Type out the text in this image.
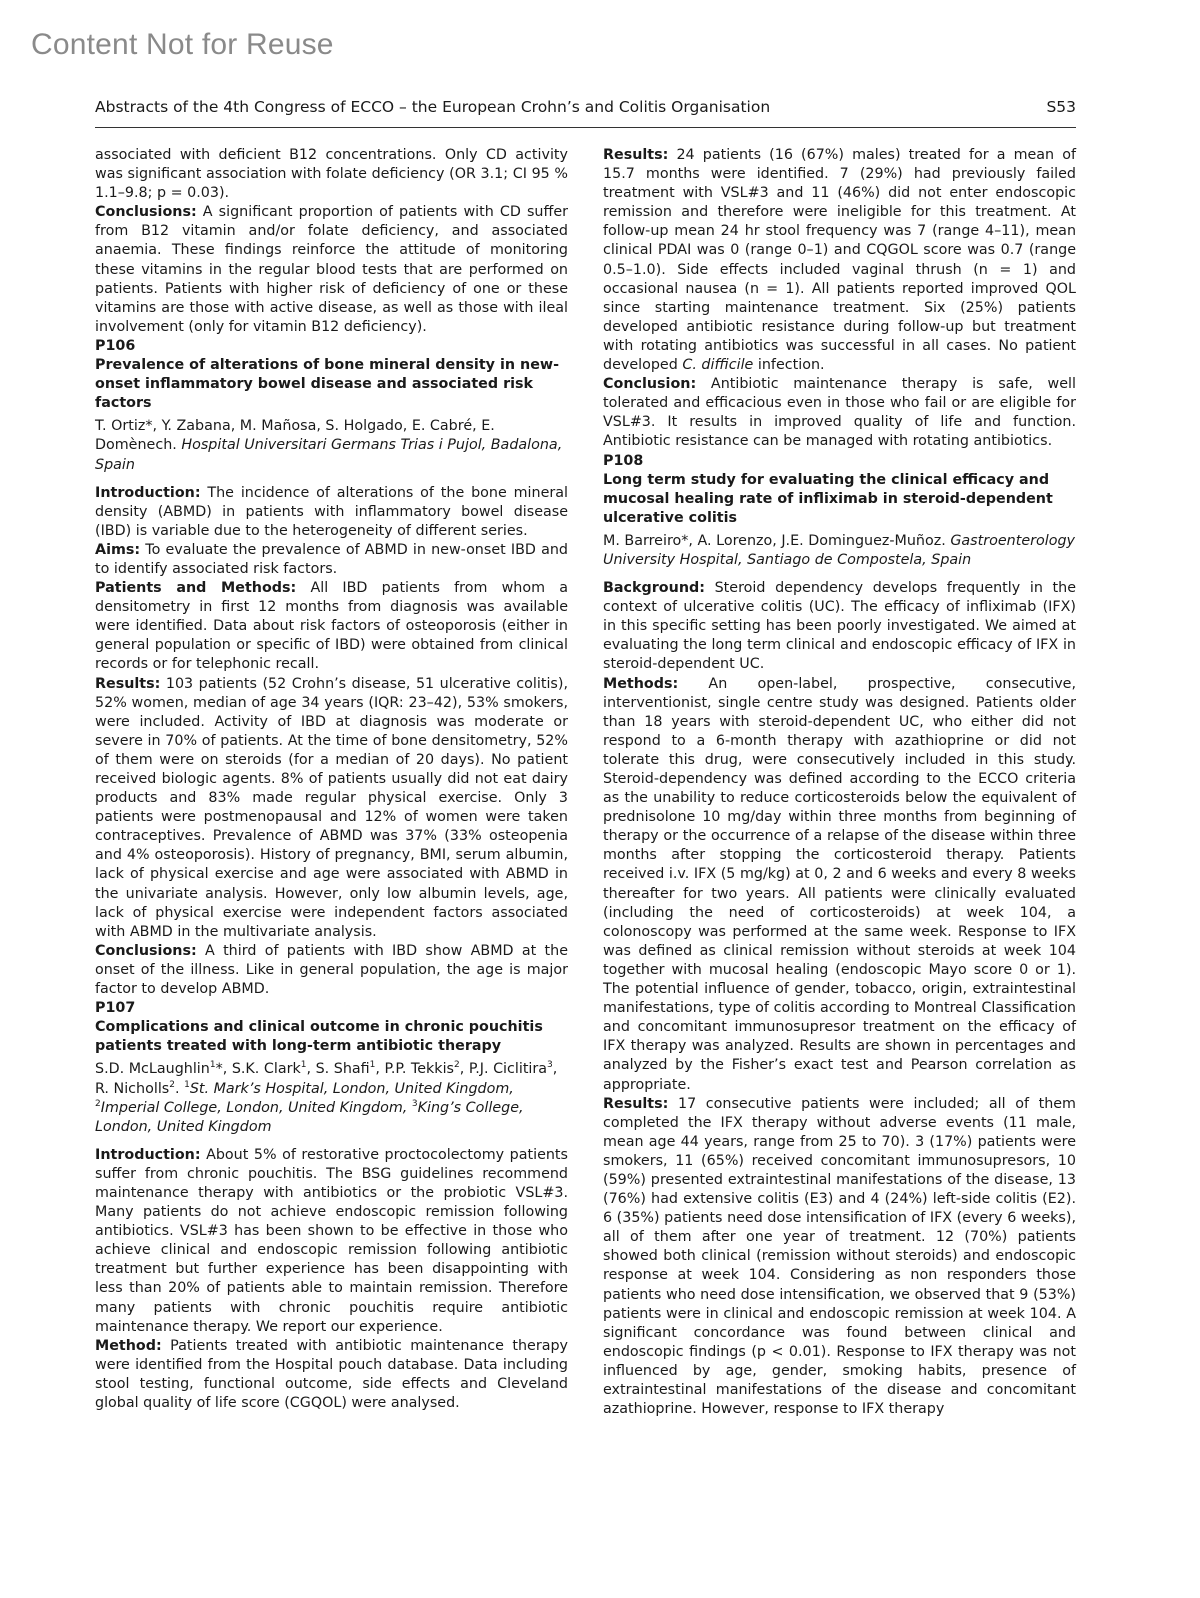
Content Not for Reuse
Abstracts of the 4th Congress of ECCO – the European Crohn’s and Colitis Organisation	S53

associated with deficient B12 concentrations. Only CD activity was significant association with folate deficiency (OR 3.1; CI 95 % 1.1–9.8; p = 0.03).

Conclusions: A significant proportion of patients with CD suffer from B12 vitamin and/or folate deficiency, and associated anaemia. These findings reinforce the attitude of monitoring these vitamins in the regular blood tests that are performed on patients. Patients with higher risk of deficiency of one or these vitamins are those with active disease, as well as those with ileal involvement (only for vitamin B12 deficiency).

P106

Prevalence of alterations of bone mineral density in new-onset inflammatory bowel disease and associated risk factors

T. Ortiz*, Y. Zabana, M. Mañosa, S. Holgado, E. Cabré, E. Domènech. Hospital Universitari Germans Trias i Pujol, Badalona, Spain

Introduction: The incidence of alterations of the bone mineral density (ABMD) in patients with inflammatory bowel disease (IBD) is variable due to the heterogeneity of different series.

Aims: To evaluate the prevalence of ABMD in new-onset IBD and to identify associated risk factors.

Patients and Methods: All IBD patients from whom a densitometry in first 12 months from diagnosis was available were identified. Data about risk factors of osteoporosis (either in general population or specific of IBD) were obtained from clinical records or for telephonic recall.

Results: 103 patients (52 Crohn’s disease, 51 ulcerative colitis), 52% women, median of age 34 years (IQR: 23–42), 53% smokers, were included. Activity of IBD at diagnosis was moderate or severe in 70% of patients. At the time of bone densitometry, 52% of them were on steroids (for a median of 20 days). No patient received biologic agents. 8% of patients usually did not eat dairy products and 83% made regular physical exercise. Only 3 patients were postmenopausal and 12% of women were taken contraceptives. Prevalence of ABMD was 37% (33% osteopenia and 4% osteoporosis). History of pregnancy, BMI, serum albumin, lack of physical exercise and age were associated with ABMD in the univariate analysis. However, only low albumin levels, age, lack of physical exercise were independent factors associated with ABMD in the multivariate analysis.

Conclusions: A third of patients with IBD show ABMD at the onset of the illness. Like in general population, the age is major factor to develop ABMD.

P107

Complications and clinical outcome in chronic pouchitis patients treated with long-term antibiotic therapy

S.D. McLaughlin$^1$*, S.K. Clark$^1$, S. Shafi$^1$, P.P. Tekkis$^2$, P.J. Ciclitira$^3$, R. Nicholls$^2$. $^1$St. Mark’s Hospital, London, United Kingdom, $^2$Imperial College, London, United Kingdom, $^3$King’s College, London, United Kingdom

Introduction: About 5% of restorative proctocolectomy patients suffer from chronic pouchitis. The BSG guidelines recommend maintenance therapy with antibiotics or the probiotic VSL#3. Many patients do not achieve endoscopic remission following antibiotics. VSL#3 has been shown to be effective in those who achieve clinical and endoscopic remission following antibiotic treatment but further experience has been disappointing with less than 20% of patients able to maintain remission. Therefore many patients with chronic pouchitis require antibiotic maintenance therapy. We report our experience.

Method: Patients treated with antibiotic maintenance therapy were identified from the Hospital pouch database. Data including stool testing, functional outcome, side effects and Cleveland global quality of life score (CGQOL) were analysed.

Results: 24 patients (16 (67%) males) treated for a mean of 15.7 months were identified. 7 (29%) had previously failed treatment with VSL#3 and 11 (46%) did not enter endoscopic remission and therefore were ineligible for this treatment. At follow-up mean 24 hr stool frequency was 7 (range 4–11), mean clinical PDAI was 0 (range 0–1) and CQGOL score was 0.7 (range 0.5–1.0). Side effects included vaginal thrush (n = 1) and occasional nausea (n = 1). All patients reported improved QOL since starting maintenance treatment. Six (25%) patients developed antibiotic resistance during follow-up but treatment with rotating antibiotics was successful in all cases. No patient developed C. difficile infection.

Conclusion: Antibiotic maintenance therapy is safe, well tolerated and efficacious even in those who fail or are eligible for VSL#3. It results in improved quality of life and function. Antibiotic resistance can be managed with rotating antibiotics.

P108

Long term study for evaluating the clinical efficacy and mucosal healing rate of infliximab in steroid-dependent ulcerative colitis

M. Barreiro*, A. Lorenzo, J.E. Dominguez-Muñoz. Gastroenterology University Hospital, Santiago de Compostela, Spain

Background: Steroid dependency develops frequently in the context of ulcerative colitis (UC). The efficacy of infliximab (IFX) in this specific setting has been poorly investigated. We aimed at evaluating the long term clinical and endoscopic efficacy of IFX in steroid-dependent UC.

Methods: An open-label, prospective, consecutive, interventionist, single centre study was designed. Patients older than 18 years with steroid-dependent UC, who either did not respond to a 6-month therapy with azathioprine or did not tolerate this drug, were consecutively included in this study. Steroid-dependency was defined according to the ECCO criteria as the unability to reduce corticosteroids below the equivalent of prednisolone 10 mg/day within three months from beginning of therapy or the occurrence of a relapse of the disease within three months after stopping the corticosteroid therapy. Patients received i.v. IFX (5 mg/kg) at 0, 2 and 6 weeks and every 8 weeks thereafter for two years. All patients were clinically evaluated (including the need of corticosteroids) at week 104, a colonoscopy was performed at the same week. Response to IFX was defined as clinical remission without steroids at week 104 together with mucosal healing (endoscopic Mayo score 0 or 1). The potential influence of gender, tobacco, origin, extraintestinal manifestations, type of colitis according to Montreal Classification and concomitant immunosupresor treatment on the efficacy of IFX therapy was analyzed. Results are shown in percentages and analyzed by the Fisher’s exact test and Pearson correlation as appropriate.

Results: 17 consecutive patients were included; all of them completed the IFX therapy without adverse events (11 male, mean age 44 years, range from 25 to 70). 3 (17%) patients were smokers, 11 (65%) received concomitant immunosupresors, 10 (59%) presented extraintestinal manifestations of the disease, 13 (76%) had extensive colitis (E3) and 4 (24%) left-side colitis (E2). 6 (35%) patients need dose intensification of IFX (every 6 weeks), all of them after one year of treatment. 12 (70%) patients showed both clinical (remission without steroids) and endoscopic response at week 104. Considering as non responders those patients who need dose intensification, we observed that 9 (53%) patients were in clinical and endoscopic remission at week 104. A significant concordance was found between clinical and endoscopic findings (p < 0.01). Response to IFX therapy was not influenced by age, gender, smoking habits, presence of extraintestinal manifestations of the disease and concomitant azathioprine. However, response to IFX therapy
